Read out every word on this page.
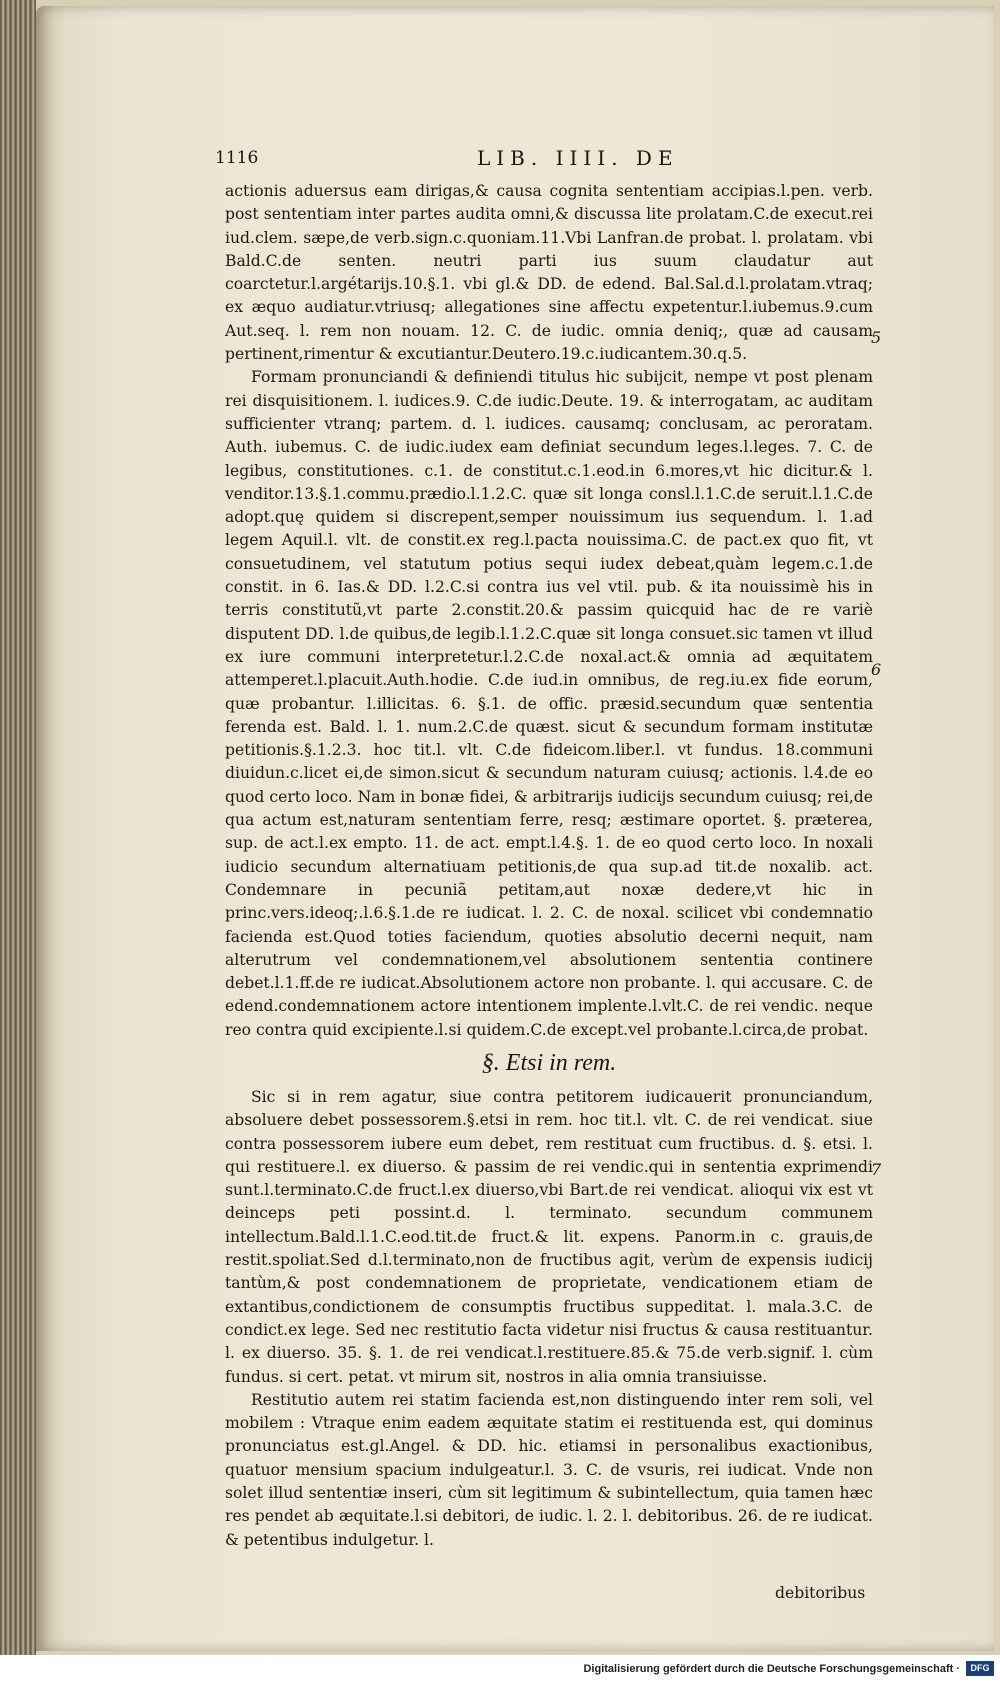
1116	LIB. IIII. DE

actionis aduersus eam dirigas,& causa cognita sententiam accipias.l.pen. verb. post sententiam inter partes audita omni,& discussa lite prolatam.C.de execut.rei iud.clem. sæpe,de verb.sign.c.quoniam.11.Vbi Lanfran.de probat. l. prolatam. vbi Bald.C.de senten. neutri parti ius suum claudatur aut coarctetur.l.argétarijs.10.§.1. vbi gl.& DD. de edend. Bal.Sal.d.l.prolatam.vtraq; ex æquo audiatur.vtriusq; allegationes sine affectu expetentur.l.iubemus.9.cum Aut.seq. l. rem non nouam. 12. C. de iudic. omnia deniq;, quæ ad causam pertinent,rimentur & excutiantur.Deutero.19.c.iudicantem.30.q.5.

Formam pronunciandi & definiendi titulus hic subijcit, nempe vt post plenam rei disquisitionem. l. iudices.9. C.de iudic.Deute. 19. & interrogatam, ac auditam sufficienter vtranq; partem. d. l. iudices. causamq; conclusam, ac peroratam. Auth. iubemus. C. de iudic.iudex eam definiat secundum leges.l.leges. 7. C. de legibus, constitutiones. c.1. de constitut.c.1.eod.in 6.mores,vt hic dicitur.& l. venditor.13.§.1.commu.prædio.l.1.2.C. quæ sit longa consl.l.1.C.de seruit.l.1.C.de adopt.quę quidem si discrepent,semper nouissimum ius sequendum. l. 1.ad legem Aquil.l. vlt. de constit.ex reg.l.pacta nouissima.C. de pact.ex quo fit, vt consuetudinem, vel statutum potius sequi iudex debeat,quàm legem.c.1.de constit. in 6. Ias.& DD. l.2.C.si contra ius vel vtil. pub. & ita nouissimè his in terris constitutũ,vt parte 2.constit.20.& passim quicquid hac de re variè disputent DD. l.de quibus,de legib.l.1.2.C.quæ sit longa consuet.sic tamen vt illud ex iure communi interpretetur.l.2.C.de noxal.act.& omnia ad æquitatem attemperet.l.placuit.Auth.hodie. C.de iud.in omnibus, de reg.iu.ex fide eorum, quæ probantur. l.illicitas. 6. §.1. de offic. præsid.secundum quæ sententia ferenda est. Bald. l. 1. num.2.C.de quæst. sicut & secundum formam institutæ petitionis.§.1.2.3. hoc tit.l. vlt. C.de fideicom.liber.l. vt fundus. 18.communi diuidun.c.licet ei,de simon.sicut & secundum naturam cuiusq; actionis. l.4.de eo quod certo loco. Nam in bonæ fidei, & arbitrarijs iudicijs secundum cuiusq; rei,de qua actum est,naturam sententiam ferre, resq; æstimare oportet. §. præterea, sup. de act.l.ex empto. 11. de act. empt.l.4.§. 1. de eo quod certo loco. In noxali iudicio secundum alternatiuam petitionis,de qua sup.ad tit.de noxalib. act. Condemnare in pecuniã petitam,aut noxæ dedere,vt hic in princ.vers.ideoq;.l.6.§.1.de re iudicat. l. 2. C. de noxal. scilicet vbi condemnatio facienda est.Quod toties faciendum, quoties absolutio decerni nequit, nam alterutrum vel condemnationem,vel absolutionem sententia continere debet.l.1.ff.de re iudicat.Absolutionem actore non probante. l. qui accusare. C. de edend.condemnationem actore intentionem implente.l.vlt.C. de rei vendic. neque reo contra quid excipiente.l.si quidem.C.de except.vel probante.l.circa,de probat.

§. Etsi in rem.

Sic si in rem agatur, siue contra petitorem iudicauerit pronunciandum, absoluere debet possessorem.§.etsi in rem. hoc tit.l. vlt. C. de rei vendicat. siue contra possessorem iubere eum debet, rem restituat cum fructibus. d. §. etsi. l. qui restituere.l. ex diuerso. & passim de rei vendic.qui in sententia exprimendi sunt.l.terminato.C.de fruct.l.ex diuerso,vbi Bart.de rei vendicat. alioqui vix est vt deinceps peti possint.d. l. terminato. secundum communem intellectum.Bald.l.1.C.eod.tit.de fruct.& lit. expens. Panorm.in c. grauis,de restit.spoliat.Sed d.l.terminato,non de fructibus agit, verùm de expensis iudicij tantùm,& post condemnationem de proprietate, vendicationem etiam de extantibus,condictionem de consumptis fructibus suppeditat. l. mala.3.C. de condict.ex lege. Sed nec restitutio facta videtur nisi fructus & causa restituantur. l. ex diuerso. 35. §. 1. de rei vendicat.l.restituere.85.& 75.de verb.signif. l. cùm fundus. si cert. petat. vt mirum sit, nostros in alia omnia transiuisse.

Restitutio autem rei statim facienda est,non distinguendo inter rem soli, vel mobilem : Vtraque enim eadem æquitate statim ei restituenda est, qui dominus pronunciatus est.gl.Angel. & DD. hic. etiamsi in personalibus exactionibus, quatuor mensium spacium indulgeatur.l. 3. C. de vsuris, rei iudicat. Vnde non solet illud sententiæ inseri, cùm sit legitimum & subintellectum, quia tamen hæc res pendet ab æquitate.l.si debitori, de iudic. l. 2. l. debitoribus. 26. de re iudicat. & petentibus indulgetur. l.

debitoribus
5
6
7
Digitalisierung gefördert durch die Deutsche Forschungsgemeinschaft ·	DFG
